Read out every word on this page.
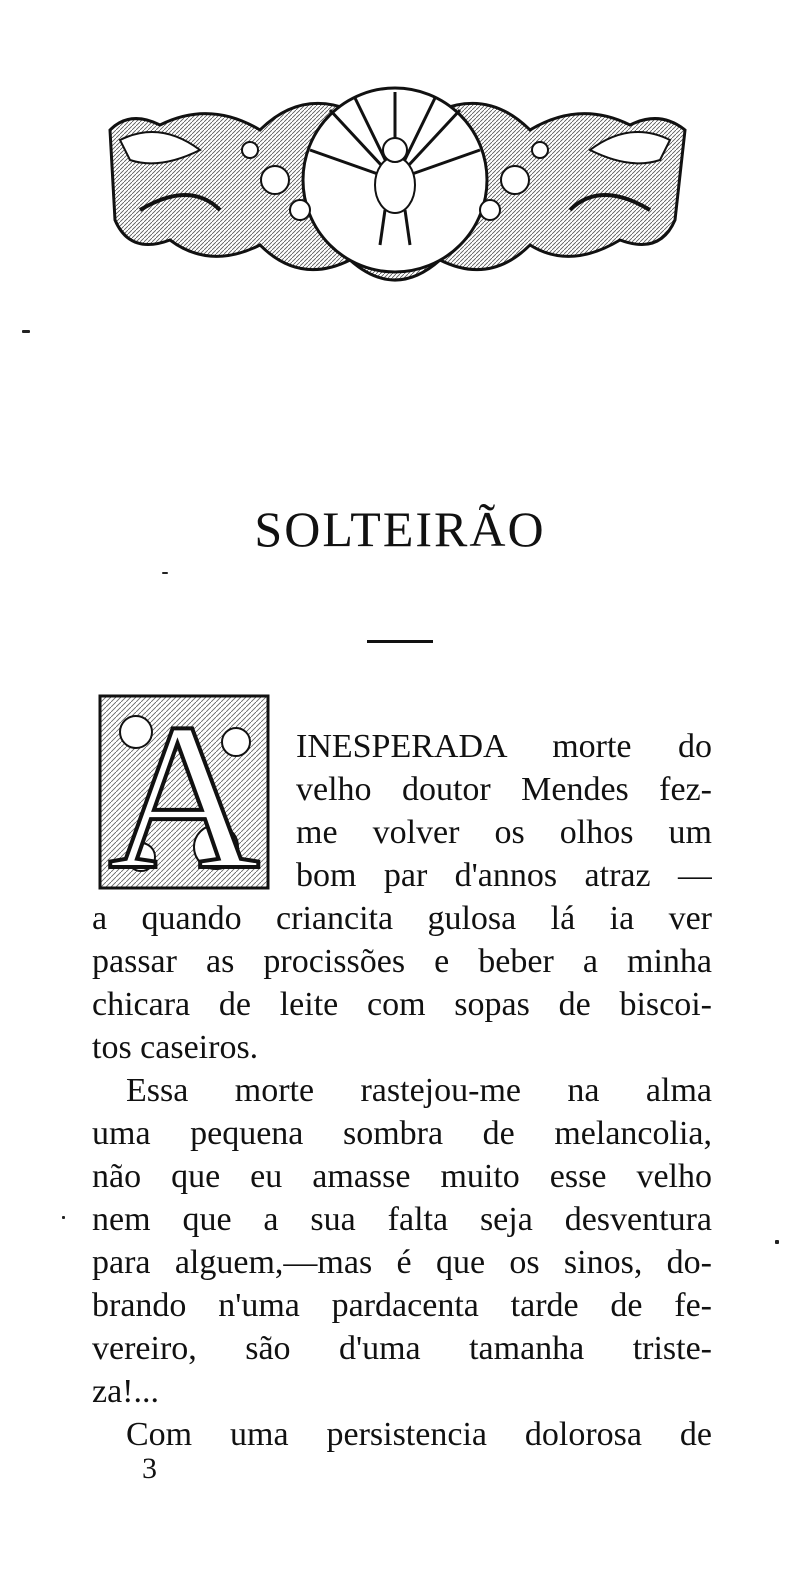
SOLTEIRÃO
A INESPERADA morte do
velho doutor Mendes fez-
me volver os olhos um
bom par d'annos atraz —
a quando criancita gulosa lá ia ver
passar as procissões e beber a minha
chicara de leite com sopas de biscoi-
tos caseiros.
Essa morte rastejou-me na alma
uma pequena sombra de melancolia,
não que eu amasse muito esse velho
nem que a sua falta seja desventura
para alguem,—mas é que os sinos, do-
brando n'uma pardacenta tarde de fe-
vereiro, são d'uma tamanha triste-
za!...
Com uma persistencia dolorosa de
3
